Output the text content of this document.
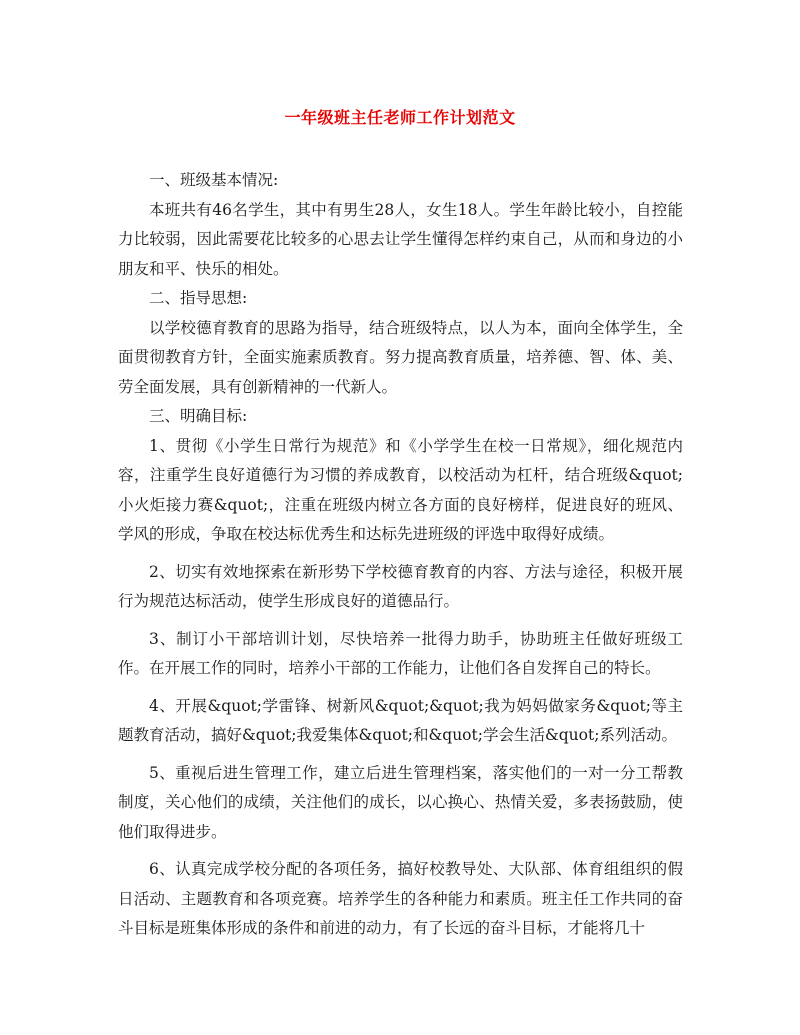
一年级班主任老师工作计划范文

一、班级基本情况:

本班共有46名学生，其中有男生28人，女生18人。学生年龄比较小，自控能力比较弱，因此需要花比较多的心思去让学生懂得怎样约束自己，从而和身边的小朋友和平、快乐的相处。

二、指导思想:

以学校德育教育的思路为指导，结合班级特点，以人为本，面向全体学生，全面贯彻教育方针，全面实施素质教育。努力提高教育质量，培养德、智、体、美、劳全面发展，具有创新精神的一代新人。

三、明确目标:

1、贯彻《小学生日常行为规范》和《小学学生在校一日常规》，细化规范内容，注重学生良好道德行为习惯的养成教育，以校活动为杠杆，结合班级&quot;小火炬接力赛&quot;，注重在班级内树立各方面的良好榜样，促进良好的班风、学风的形成，争取在校达标优秀生和达标先进班级的评选中取得好成绩。

2、切实有效地探索在新形势下学校德育教育的内容、方法与途径，积极开展行为规范达标活动，使学生形成良好的道德品行。

3、制订小干部培训计划，尽快培养一批得力助手，协助班主任做好班级工作。在开展工作的同时，培养小干部的工作能力，让他们各自发挥自己的特长。

4、开展&quot;学雷锋、树新风&quot;&quot;我为妈妈做家务&quot;等主题教育活动，搞好&quot;我爱集体&quot;和&quot;学会生活&quot;系列活动。

5、重视后进生管理工作，建立后进生管理档案，落实他们的一对一分工帮教制度，关心他们的成绩，关注他们的成长，以心换心、热情关爱，多表扬鼓励，使他们取得进步。

6、认真完成学校分配的各项任务，搞好校教导处、大队部、体育组组织的假日活动、主题教育和各项竞赛。培养学生的各种能力和素质。班主任工作共同的奋斗目标是班集体形成的条件和前进的动力，有了长远的奋斗目标，才能将几十
